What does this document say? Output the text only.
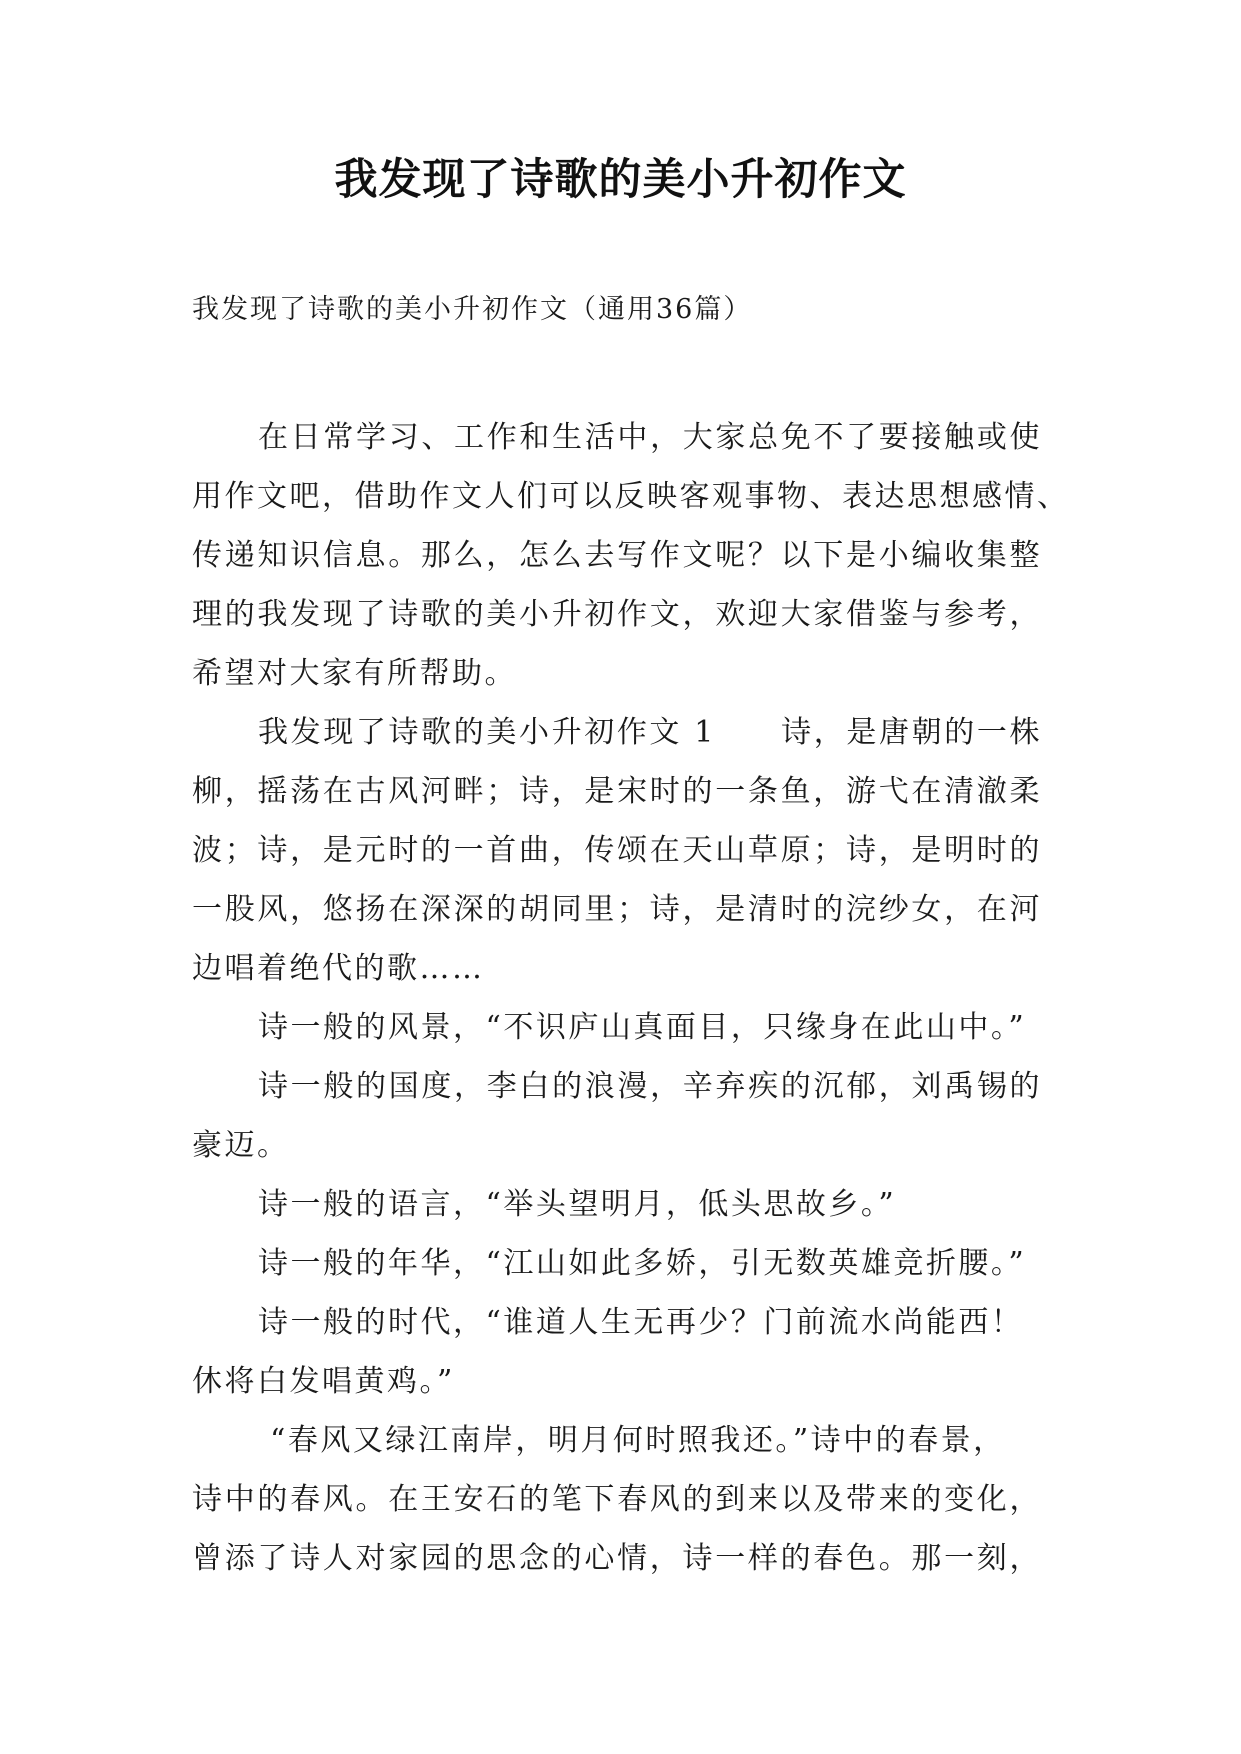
我发现了诗歌的美小升初作文
我发现了诗歌的美小升初作文（通用36篇）
在日常学习、工作和生活中，大家总免不了要接触或使
用作文吧，借助作文人们可以反映客观事物、表达思想感情、
传递知识信息。那么，怎么去写作文呢？以下是小编收集整
理的我发现了诗歌的美小升初作文，欢迎大家借鉴与参考，
希望对大家有所帮助。
我发现了诗歌的美小升初作文 1　　诗，是唐朝的一株
柳，摇荡在古风河畔；诗，是宋时的一条鱼，游弋在清澈柔
波；诗，是元时的一首曲，传颂在天山草原；诗，是明时的
一股风，悠扬在深深的胡同里；诗，是清时的浣纱女，在河
边唱着绝代的歌……
诗一般的风景，“不识庐山真面目，只缘身在此山中。”
诗一般的国度，李白的浪漫，辛弃疾的沉郁，刘禹锡的
豪迈。
诗一般的语言，“举头望明月，低头思故乡。”
诗一般的年华，“江山如此多娇，引无数英雄竞折腰。”
诗一般的时代，“谁道人生无再少？门前流水尚能西！
休将白发唱黄鸡。”
“春风又绿江南岸，明月何时照我还。”诗中的春景，
诗中的春风。在王安石的笔下春风的到来以及带来的变化，
曾添了诗人对家园的思念的心情，诗一样的春色。那一刻，
